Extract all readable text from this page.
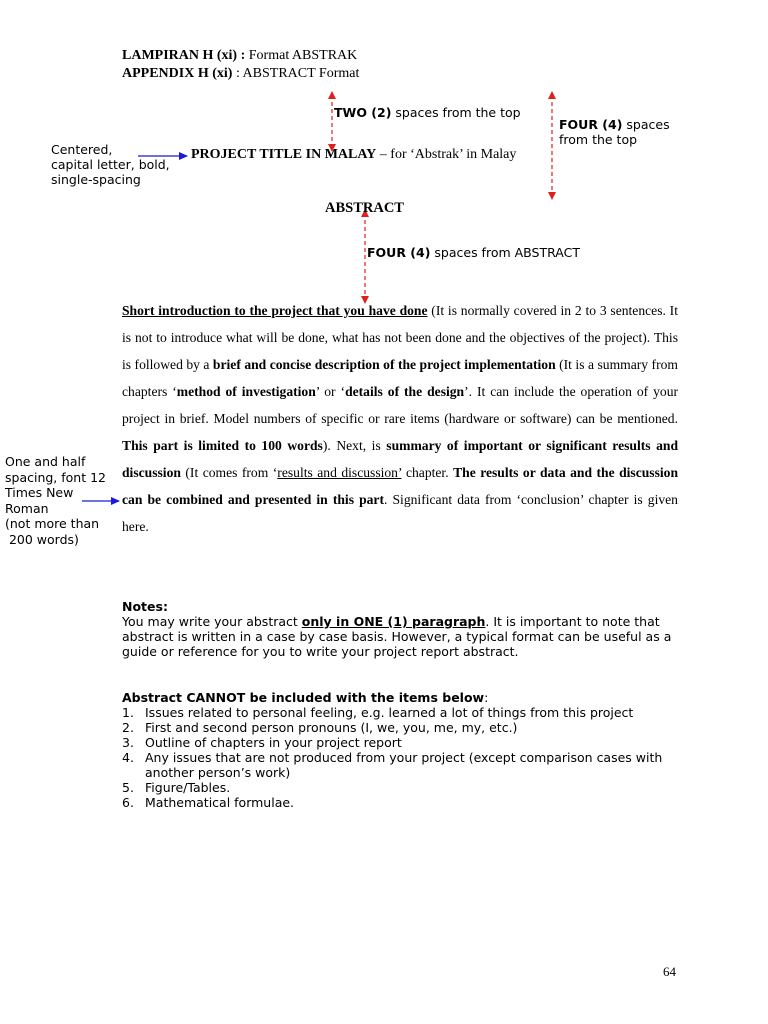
LAMPIRAN H (xi) : Format ABSTRAK
APPENDIX H (xi) : ABSTRACT Format
TWO (2) spaces from the top
FOUR (4) spaces
from the top
Centered,
capital letter, bold,
single-spacing
PROJECT TITLE IN MALAY – for ‘Abstrak’ in Malay
ABSTRACT
FOUR (4) spaces from ABSTRACT
One and half
spacing, font 12
Times New
Roman
(not more than
200 words)
Short introduction to the project that you have done (It is normally covered in 2 to 3 sentences. It is not to introduce what will be done, what has not been done and the objectives of the project). This is followed by a brief and concise description of the project implementation (It is a summary from chapters ‘method of investigation’ or ‘details of the design’. It can include the operation of your project in brief. Model numbers of specific or rare items (hardware or software) can be mentioned. This part is limited to 100 words). Next, is summary of important or significant results and discussion (It comes from ‘results and discussion’ chapter. The results or data and the discussion can be combined and presented in this part. Significant data from ‘conclusion’ chapter is given here.

Notes:

You may write your abstract only in ONE (1) paragraph. It is important to note that abstract is written in a case by case basis. However, a typical format can be useful as a guide or reference for you to write your project report abstract.

Abstract CANNOT be included with the items below:

1. Issues related to personal feeling, e.g. learned a lot of things from this project
2. First and second person pronouns (I, we, you, me, my, etc.)
3. Outline of chapters in your project report
4. Any issues that are not produced from your project (except comparison cases with another person’s work)
5. Figure/Tables.
6. Mathematical formulae.
64
